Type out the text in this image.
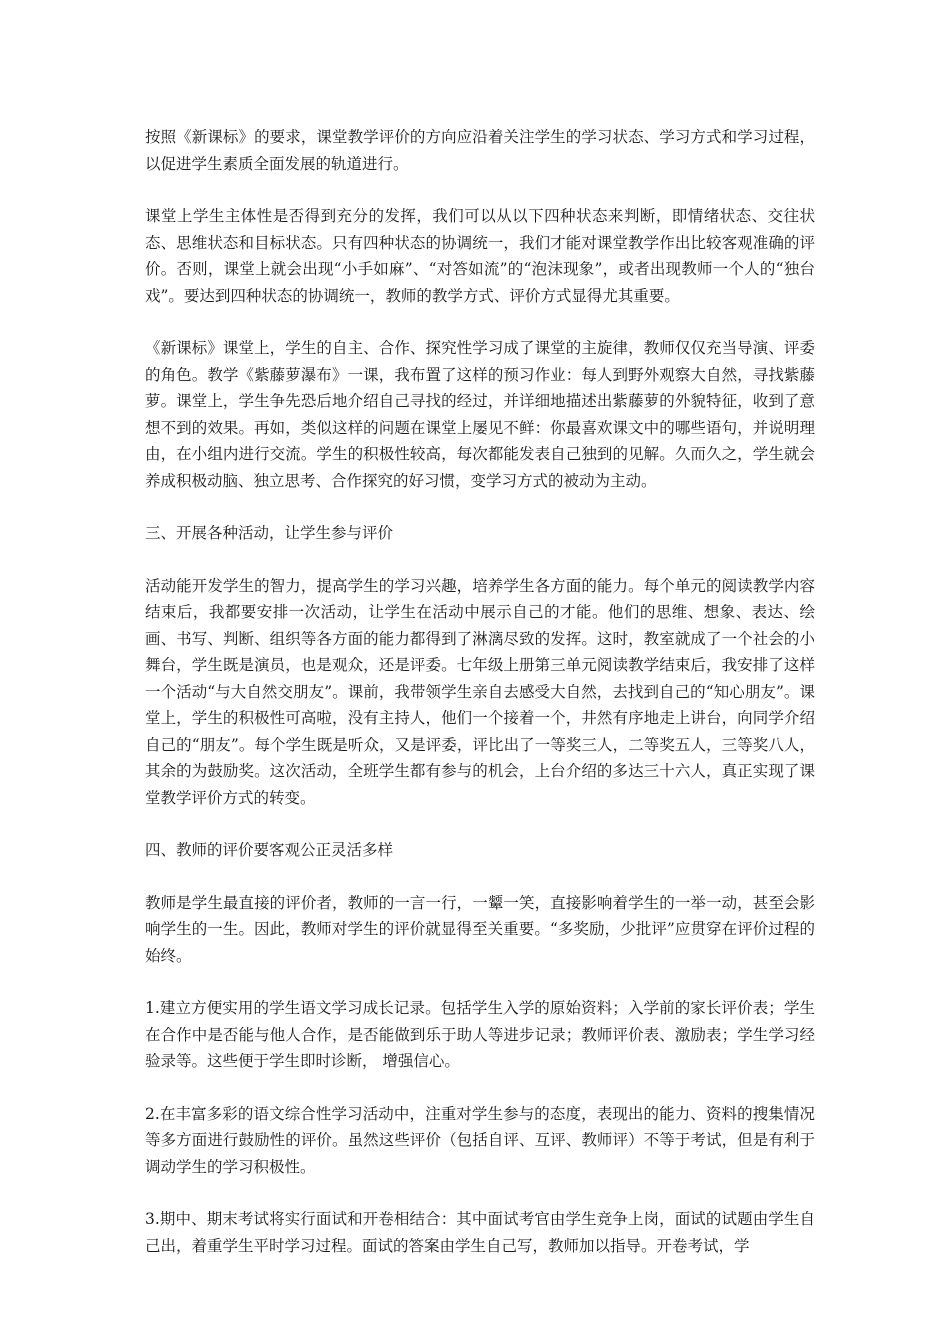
按照《新课标》的要求，课堂教学评价的方向应沿着关注学生的学习状态、学习方式和学习过程，以促进学生素质全面发展的轨道进行。

课堂上学生主体性是否得到充分的发挥，我们可以从以下四种状态来判断，即情绪状态、交往状态、思维状态和目标状态。只有四种状态的协调统一，我们才能对课堂教学作出比较客观准确的评价。否则，课堂上就会出现“小手如麻”、“对答如流”的“泡沫现象”，或者出现教师一个人的“独台戏”。要达到四种状态的协调统一，教师的教学方式、评价方式显得尤其重要。

《新课标》课堂上，学生的自主、合作、探究性学习成了课堂的主旋律，教师仅仅充当导演、评委的角色。教学《紫藤萝瀑布》一课，我布置了这样的预习作业：每人到野外观察大自然，寻找紫藤萝。课堂上，学生争先恐后地介绍自己寻找的经过，并详细地描述出紫藤萝的外貌特征，收到了意想不到的效果。再如，类似这样的问题在课堂上屡见不鲜：你最喜欢课文中的哪些语句，并说明理由，在小组内进行交流。学生的积极性较高，每次都能发表自己独到的见解。久而久之，学生就会养成积极动脑、独立思考、合作探究的好习惯，变学习方式的被动为主动。

三、开展各种活动，让学生参与评价

活动能开发学生的智力，提高学生的学习兴趣，培养学生各方面的能力。每个单元的阅读教学内容结束后，我都要安排一次活动，让学生在活动中展示自己的才能。他们的思维、想象、表达、绘画、书写、判断、组织等各方面的能力都得到了淋漓尽致的发挥。这时，教室就成了一个社会的小舞台，学生既是演员，也是观众，还是评委。七年级上册第三单元阅读教学结束后，我安排了这样一个活动“与大自然交朋友”。课前，我带领学生亲自去感受大自然，去找到自己的“知心朋友”。课堂上，学生的积极性可高啦，没有主持人，他们一个接着一个，井然有序地走上讲台，向同学介绍自己的“朋友”。每个学生既是听众，又是评委，评比出了一等奖三人，二等奖五人，三等奖八人，其余的为鼓励奖。这次活动，全班学生都有参与的机会，上台介绍的多达三十六人，真正实现了课堂教学评价方式的转变。

四、教师的评价要客观公正灵活多样

教师是学生最直接的评价者，教师的一言一行，一颦一笑，直接影响着学生的一举一动，甚至会影响学生的一生。因此，教师对学生的评价就显得至关重要。“多奖励，少批评”应贯穿在评价过程的始终。

1.建立方便实用的学生语文学习成长记录。包括学生入学的原始资料；入学前的家长评价表；学生在合作中是否能与他人合作，是否能做到乐于助人等进步记录；教师评价表、激励表；学生学习经验录等。这些便于学生即时诊断， 增强信心。

2.在丰富多彩的语文综合性学习活动中，注重对学生参与的态度，表现出的能力、资料的搜集情况等多方面进行鼓励性的评价。虽然这些评价（包括自评、互评、教师评）不等于考试，但是有利于调动学生的学习积极性。

3.期中、期末考试将实行面试和开卷相结合：其中面试考官由学生竞争上岗，面试的试题由学生自己出，着重学生平时学习过程。面试的答案由学生自己写，教师加以指导。开卷考试，学
